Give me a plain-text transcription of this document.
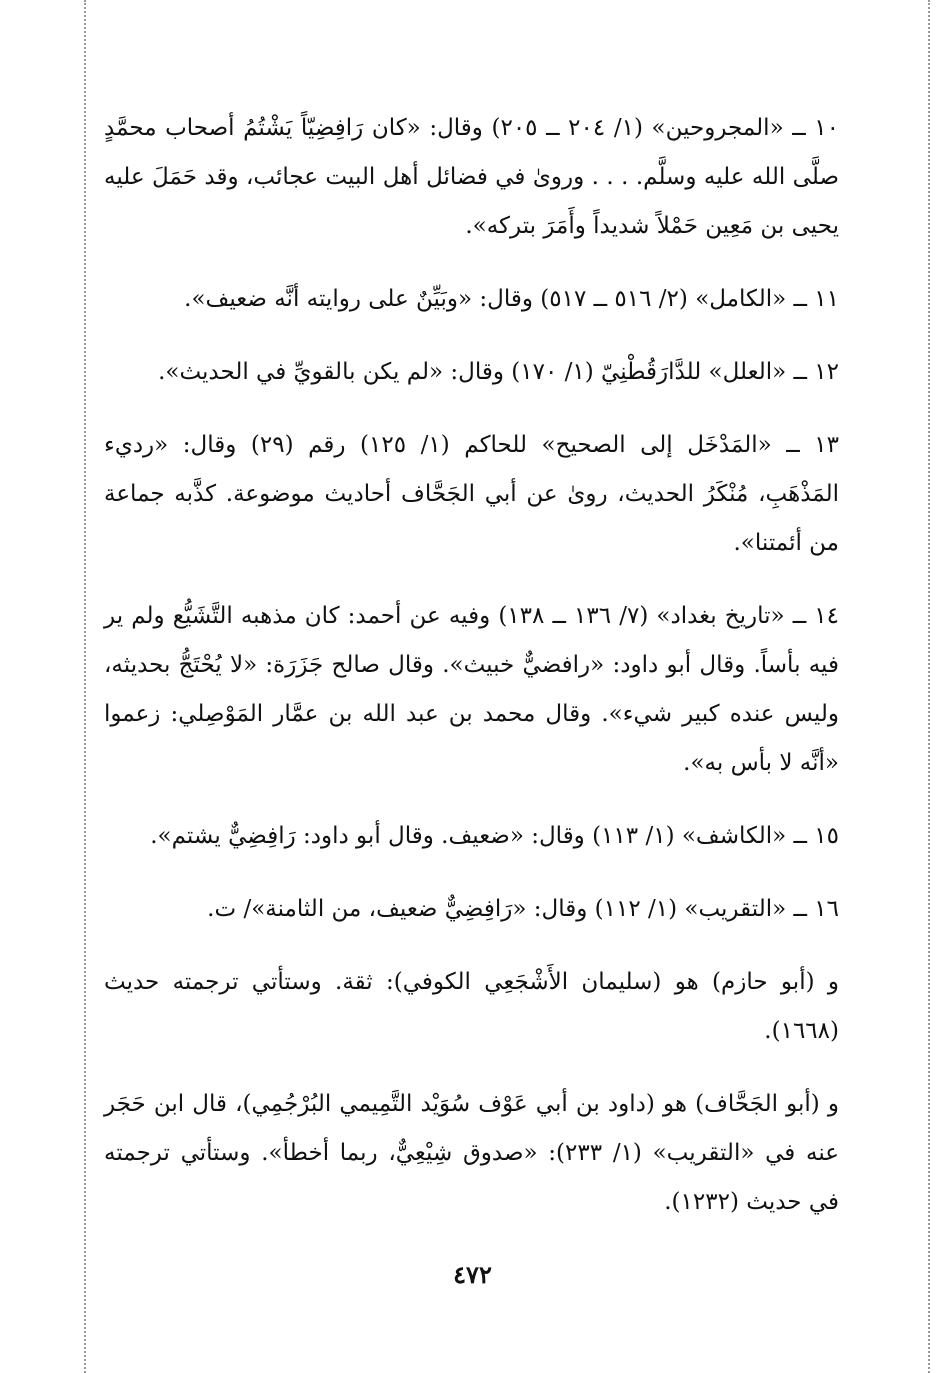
١٠ ــ «المجروحين» (١/ ٢٠٤ ــ ٢٠٥) وقال: «كان رَافِضِيّاً يَشْتُمُ أصحاب محمَّدٍ صلَّى الله عليه وسلَّم. . . . وروىٰ في فضائل أهل البيت عجائب، وقد حَمَلَ عليه يحيى بن مَعِين حَمْلاً شديداً وأَمَرَ بتركه».

١١ ــ «الكامل» (٢/ ٥١٦ ــ ٥١٧) وقال: «وبَيِّنٌ على روايته أنَّه ضعيف».

١٢ ــ «العلل» للدَّارَقُطْنِيّ (١/ ١٧٠) وقال: «لم يكن بالقويِّ في الحديث».

١٣ ــ «المَدْخَل إلى الصحيح» للحاكم (١/ ١٢٥) رقم (٢٩) وقال: «رديء المَذْهَبِ، مُنْكَرُ الحديث، روىٰ عن أبي الجَحَّاف أحاديث موضوعة. كذَّبه جماعة من أئمتنا».

١٤ ــ «تاريخ بغداد» (٧/ ١٣٦ ــ ١٣٨) وفيه عن أحمد: كان مذهبه التَّشَيُّع ولم ير فيه بأساً. وقال أبو داود: «رافضيٌّ خبيث». وقال صالح جَزَرَة: «لا يُحْتَجُّ بحديثه، وليس عنده كبير شيء». وقال محمد بن عبد الله بن عمَّار المَوْصِلي: زعموا «أنَّه لا بأس به».

١٥ ــ «الكاشف» (١/ ١١٣) وقال: «ضعيف. وقال أبو داود: رَافِضِيٌّ يشتم».

١٦ ــ «التقريب» (١/ ١١٢) وقال: «رَافِضِيٌّ ضعيف، من الثامنة»/ ت.

و (أبو حازم) هو (سليمان الأَشْجَعِي الكوفي): ثقة. وستأتي ترجمته حديث (١٦٦٨).

و (أبو الجَحَّاف) هو (داود بن أبي عَوْف سُوَيْد التَّمِيمي البُرْجُمِي)، قال ابن حَجَر عنه في «التقريب» (١/ ٢٣٣): «صدوق شِيْعِيٌّ، ربما أخطأ». وستأتي ترجمته في حديث (١٢٣٢).

٤٧٢
